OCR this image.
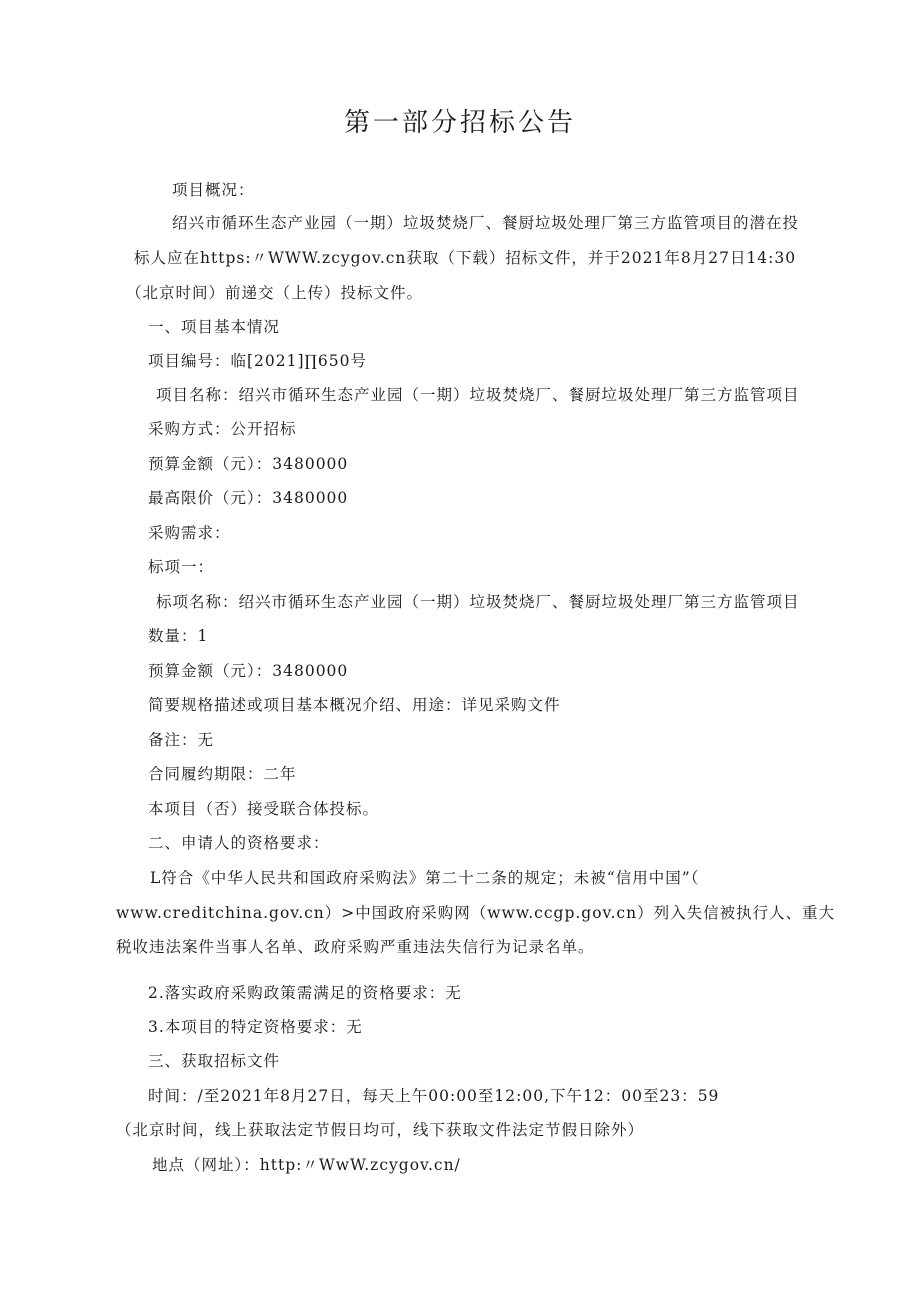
第一部分招标公告
项目概况：
绍兴市循环生态产业园（一期）垃圾焚烧厂、餐厨垃圾处理厂第三方监管项目的潜在投
标人应在https:〃WWW.zcygov.cn获取（下载）招标文件，并于2021年8月27日14:30
（北京时间）前递交（上传）投标文件。
一、项目基本情况
项目编号：临[2021]∏650号
项目名称：绍兴市循环生态产业园（一期）垃圾焚烧厂、餐厨垃圾处理厂第三方监管项目
采购方式：公开招标
预算金额（元）：3480000
最高限价（元）：3480000
采购需求：
标项一：
标项名称：绍兴市循环生态产业园（一期）垃圾焚烧厂、餐厨垃圾处理厂第三方监管项目
数量：1
预算金额（元）：3480000
简要规格描述或项目基本概况介绍、用途：详见采购文件
备注：无
合同履约期限：二年
本项目（否）接受联合体投标。
二、申请人的资格要求：
L符合《中华人民共和国政府采购法》第二十二条的规定；未被“信用中国”（
www.creditchina.gov.cn）>中国政府采购网（www.ccgp.gov.cn）列入失信被执行人、重大
税收违法案件当事人名单、政府采购严重违法失信行为记录名单。
2.落实政府采购政策需满足的资格要求：无
3.本项目的特定资格要求：无
三、获取招标文件
时间：/至2021年8月27日，每天上午00:00至12:00,下午12：00至23：59
（北京时间，线上获取法定节假日均可，线下获取文件法定节假日除外）
地点（网址）：http:〃WwW.zcygov.cn/
